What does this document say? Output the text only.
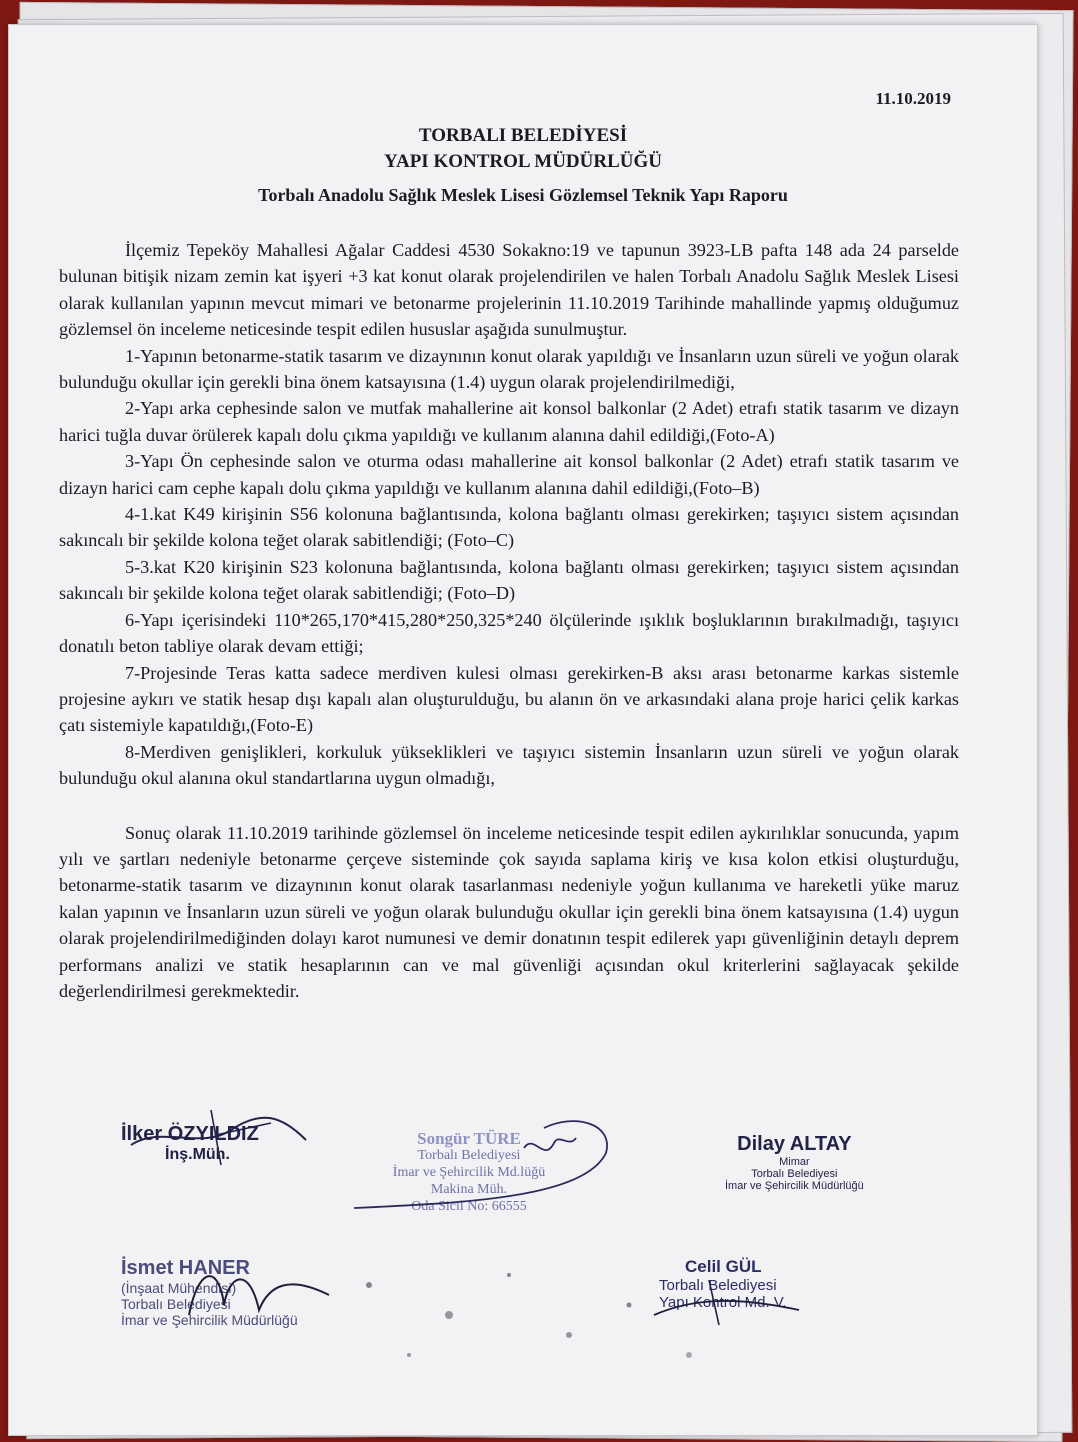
11.10.2019
TORBALI BELEDİYESİ
YAPI KONTROL MÜDÜRLÜĞÜ
Torbalı Anadolu Sağlık Meslek Lisesi Gözlemsel Teknik Yapı Raporu

İlçemiz Tepeköy Mahallesi Ağalar Caddesi 4530 Sokakno:19 ve tapunun 3923-LB pafta 148 ada 24 parselde bulunan bitişik nizam zemin kat işyeri +3 kat konut olarak projelendirilen ve halen Torbalı Anadolu Sağlık Meslek Lisesi olarak kullanılan yapının mevcut mimari ve betonarme projelerinin 11.10.2019 Tarihinde mahallinde yapmış olduğumuz gözlemsel ön inceleme neticesinde tespit edilen hususlar aşağıda sunulmuştur.

1-Yapının betonarme-statik tasarım ve dizaynının konut olarak yapıldığı ve İnsanların uzun süreli ve yoğun olarak bulunduğu okullar için gerekli bina önem katsayısına (1.4) uygun olarak projelendirilmediği,

2-Yapı arka cephesinde salon ve mutfak mahallerine ait konsol balkonlar (2 Adet) etrafı statik tasarım ve dizayn harici tuğla duvar örülerek kapalı dolu çıkma yapıldığı ve kullanım alanına dahil edildiği,(Foto-A)

3-Yapı Ön cephesinde salon ve oturma odası mahallerine ait konsol balkonlar (2 Adet) etrafı statik tasarım ve dizayn harici cam cephe kapalı dolu çıkma yapıldığı ve kullanım alanına dahil edildiği,(Foto–B)

4-1.kat K49 kirişinin S56 kolonuna bağlantısında, kolona bağlantı olması gerekirken; taşıyıcı sistem açısından sakıncalı bir şekilde kolona teğet olarak sabitlendiği; (Foto–C)

5-3.kat K20 kirişinin S23 kolonuna bağlantısında, kolona bağlantı olması gerekirken; taşıyıcı sistem açısından sakıncalı bir şekilde kolona teğet olarak sabitlendiği; (Foto–D)

6-Yapı içerisindeki 110*265,170*415,280*250,325*240 ölçülerinde ışıklık boşluklarının bırakılmadığı, taşıyıcı donatılı beton tabliye olarak devam ettiği;

7-Projesinde Teras katta sadece merdiven kulesi olması gerekirken-B aksı arası betonarme karkas sistemle projesine aykırı ve statik hesap dışı kapalı alan oluşturulduğu, bu alanın ön ve arkasındaki alana proje harici çelik karkas çatı sistemiyle kapatıldığı,(Foto-E)

8-Merdiven genişlikleri, korkuluk yükseklikleri ve taşıyıcı sistemin İnsanların uzun süreli ve yoğun olarak bulunduğu okul alanına okul standartlarına uygun olmadığı,

Sonuç olarak 11.10.2019 tarihinde gözlemsel ön inceleme neticesinde tespit edilen aykırılıklar sonucunda, yapım yılı ve şartları nedeniyle betonarme çerçeve sisteminde çok sayıda saplama kiriş ve kısa kolon etkisi oluşturduğu, betonarme-statik tasarım ve dizaynının konut olarak tasarlanması nedeniyle yoğun kullanıma ve hareketli yüke maruz kalan yapının ve İnsanların uzun süreli ve yoğun olarak bulunduğu okullar için gerekli bina önem katsayısına (1.4) uygun olarak projelendirilmediğinden dolayı karot numunesi ve demir donatının tespit edilerek yapı güvenliğinin detaylı deprem performans analizi ve statik hesaplarının can ve mal güvenliği açısından okul kriterlerini sağlayacak şekilde değerlendirilmesi gerekmektedir.

İlker ÖZYILDIZ
İnş.Müh.
Songür TÜRE
Torbalı Belediyesi
İmar ve Şehircilik Md.lüğü
Makina Müh.
Oda Sicil No: 66555
Dilay ALTAY
Mimar
Torbalı Belediyesi
İmar ve Şehircilik Müdürlüğü
İsmet HANER
(İnşaat Mühendisi)
Torbalı Belediyesi
İmar ve Şehircilik Müdürlüğü
Celil GÜL
Torbalı Belediyesi
Yapı Kontrol Md. V.
